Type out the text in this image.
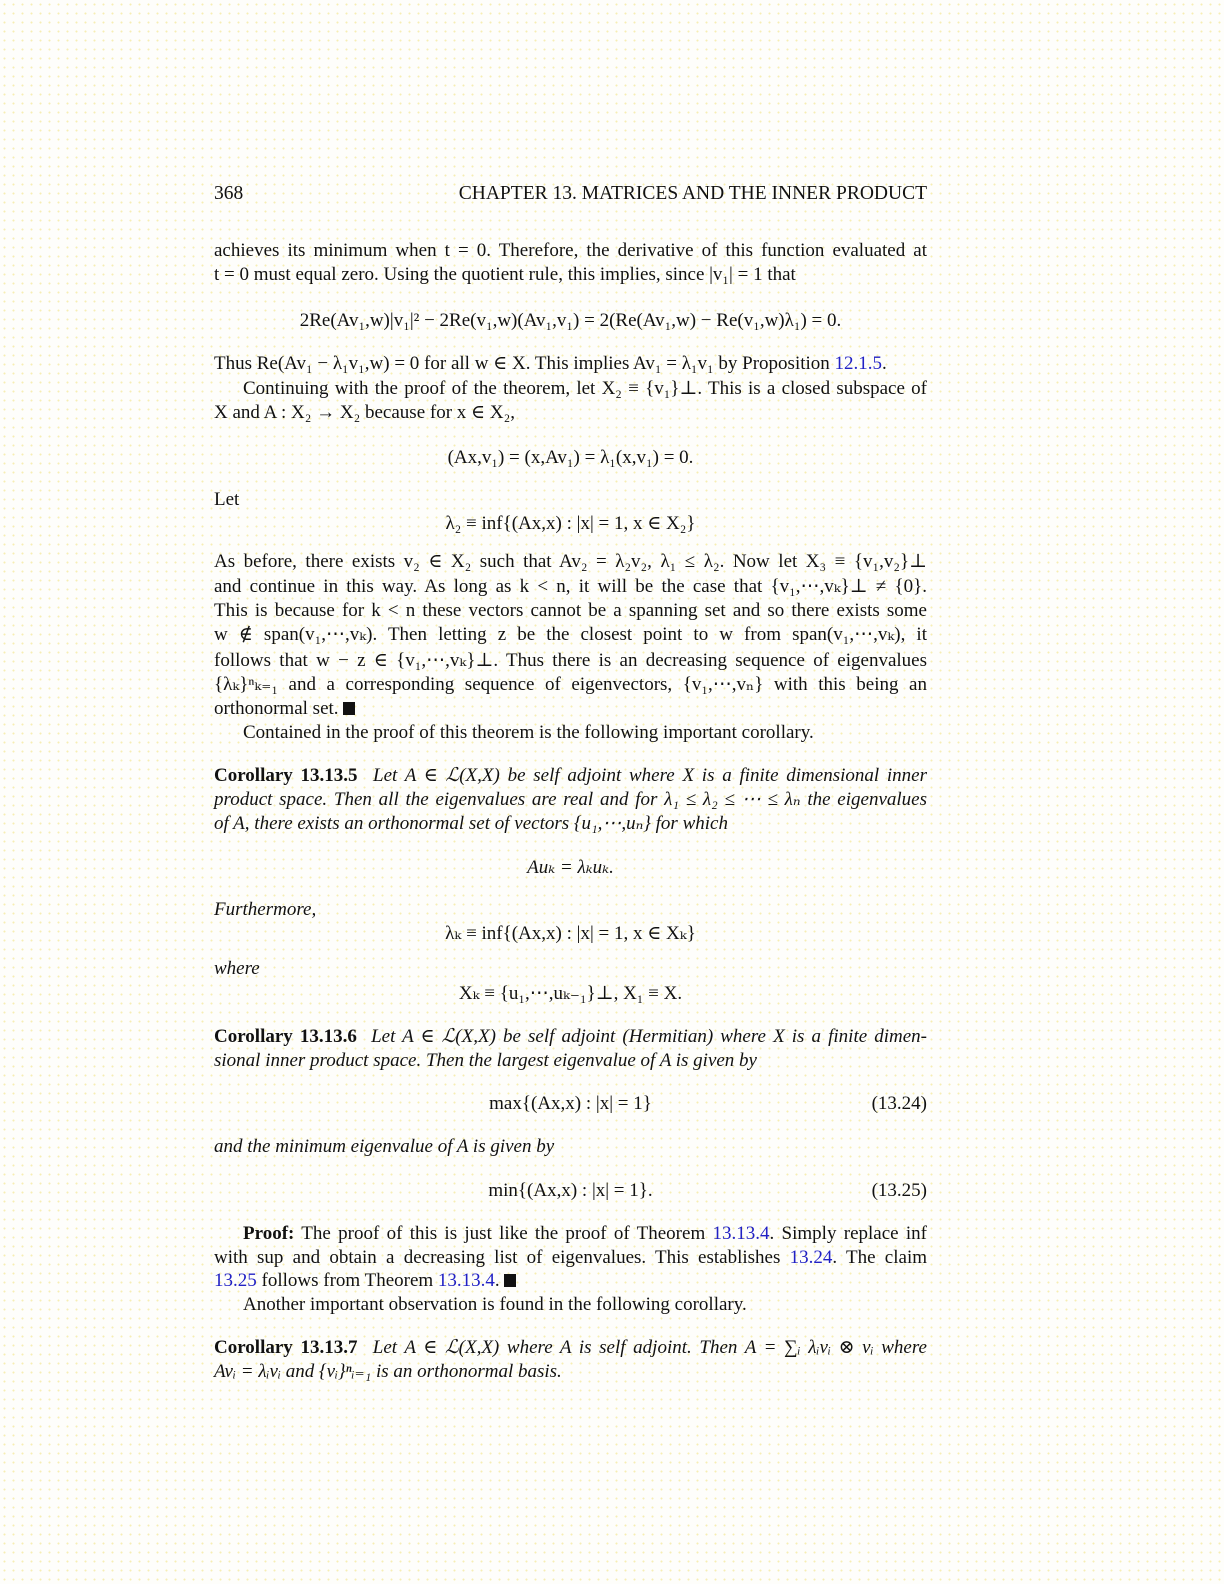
368	CHAPTER 13. MATRICES AND THE INNER PRODUCT
achieves its minimum when t = 0. Therefore, the derivative of this function evaluated at
t = 0 must equal zero. Using the quotient rule, this implies, since |v₁| = 1 that
2Re(Av₁,w)|v₁|² − 2Re(v₁,w)(Av₁,v₁) = 2(Re(Av₁,w) − Re(v₁,w)λ₁) = 0.
Thus Re(Av₁ − λ₁v₁,w) = 0 for all w ∈ X. This implies Av₁ = λ₁v₁ by Proposition 12.1.5.
Continuing with the proof of the theorem, let X₂ ≡ {v₁}⊥. This is a closed subspace of
X and A : X₂ → X₂ because for x ∈ X₂,
(Ax,v₁) = (x,Av₁) = λ₁(x,v₁) = 0.
Let
λ₂ ≡ inf{(Ax,x) : |x| = 1, x ∈ X₂}
As before, there exists v₂ ∈ X₂ such that Av₂ = λ₂v₂, λ₁ ≤ λ₂. Now let X₃ ≡ {v₁,v₂}⊥
and continue in this way. As long as k < n, it will be the case that {v₁,⋯,vₖ}⊥ ≠ {0}.
This is because for k < n these vectors cannot be a spanning set and so there exists some
w ∉ span(v₁,⋯,vₖ). Then letting z be the closest point to w from span(v₁,⋯,vₖ), it
follows that w − z ∈ {v₁,⋯,vₖ}⊥. Thus there is an decreasing sequence of eigenvalues
{λₖ}ⁿₖ₌₁ and a corresponding sequence of eigenvectors, {v₁,⋯,vₙ} with this being an
orthonormal set.
Contained in the proof of this theorem is the following important corollary.
Corollary 13.13.5 Let A ∈ ℒ(X,X) be self adjoint where X is a finite dimensional inner
product space. Then all the eigenvalues are real and for λ₁ ≤ λ₂ ≤ ⋯ ≤ λₙ the eigenvalues
of A, there exists an orthonormal set of vectors {u₁,⋯,uₙ} for which
Auₖ = λₖuₖ.
Furthermore,
λₖ ≡ inf{(Ax,x) : |x| = 1, x ∈ Xₖ}
where
Xₖ ≡ {u₁,⋯,uₖ₋₁}⊥, X₁ ≡ X.
Corollary 13.13.6 Let A ∈ ℒ(X,X) be self adjoint (Hermitian) where X is a finite dimen-
sional inner product space. Then the largest eigenvalue of A is given by
max{(Ax,x) : |x| = 1}	(13.24)
and the minimum eigenvalue of A is given by
min{(Ax,x) : |x| = 1}.	(13.25)
Proof: The proof of this is just like the proof of Theorem 13.13.4. Simply replace inf
with sup and obtain a decreasing list of eigenvalues. This establishes 13.24. The claim
13.25 follows from Theorem 13.13.4.
Another important observation is found in the following corollary.
Corollary 13.13.7 Let A ∈ ℒ(X,X) where A is self adjoint. Then A = ∑ᵢ λᵢvᵢ ⊗ vᵢ where
Avᵢ = λᵢvᵢ and {vᵢ}ⁿᵢ₌₁ is an orthonormal basis.
